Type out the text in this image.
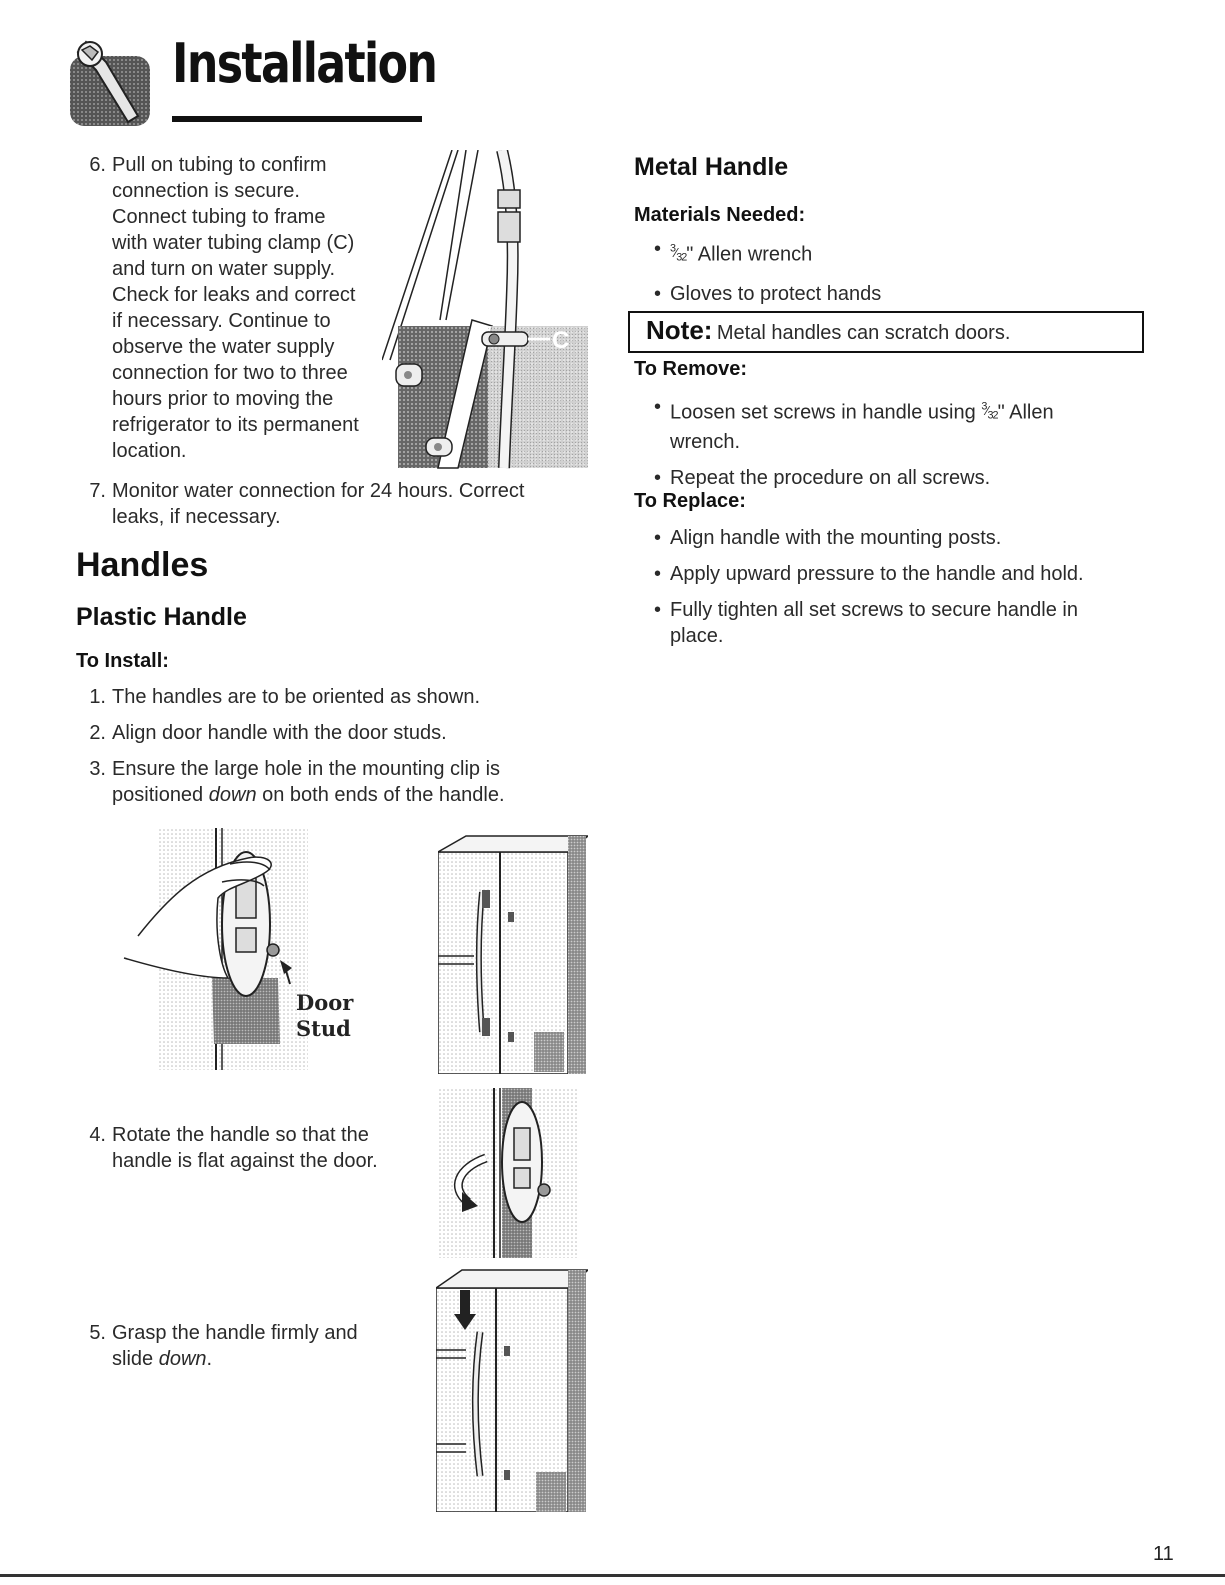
Installation
6. Pull on tubing to confirm
connection is secure.
Connect tubing to frame
with water tubing clamp (C)
and turn on water supply.
Check for leaks and correct
if necessary. Continue to
observe the water supply
connection for two to three
hours prior to moving the
refrigerator to its permanent
location.
C
7. Monitor water connection for 24 hours. Correct
leaks, if necessary.
Handles
Plastic Handle
To Install:
1. The handles are to be oriented as shown.
2. Align door handle with the door studs.
3. Ensure the large hole in the mounting clip is
positioned down on both ends of the handle.
Door
Stud
4. Rotate the handle so that the
handle is flat against the door.
5. Grasp the handle firmly and
slide down.
Metal Handle
Materials Needed:
• $^3⁄_{32}$" Allen wrench
• Gloves to protect hands
Note: Metal handles can scratch doors.
To Remove:
• Loosen set screws in handle using $^3⁄_{32}$" Allen
wrench.
• Repeat the procedure on all screws.
To Replace:
• Align handle with the mounting posts.
• Apply upward pressure to the handle and hold.
• Fully tighten all set screws to secure handle in
place.
11
